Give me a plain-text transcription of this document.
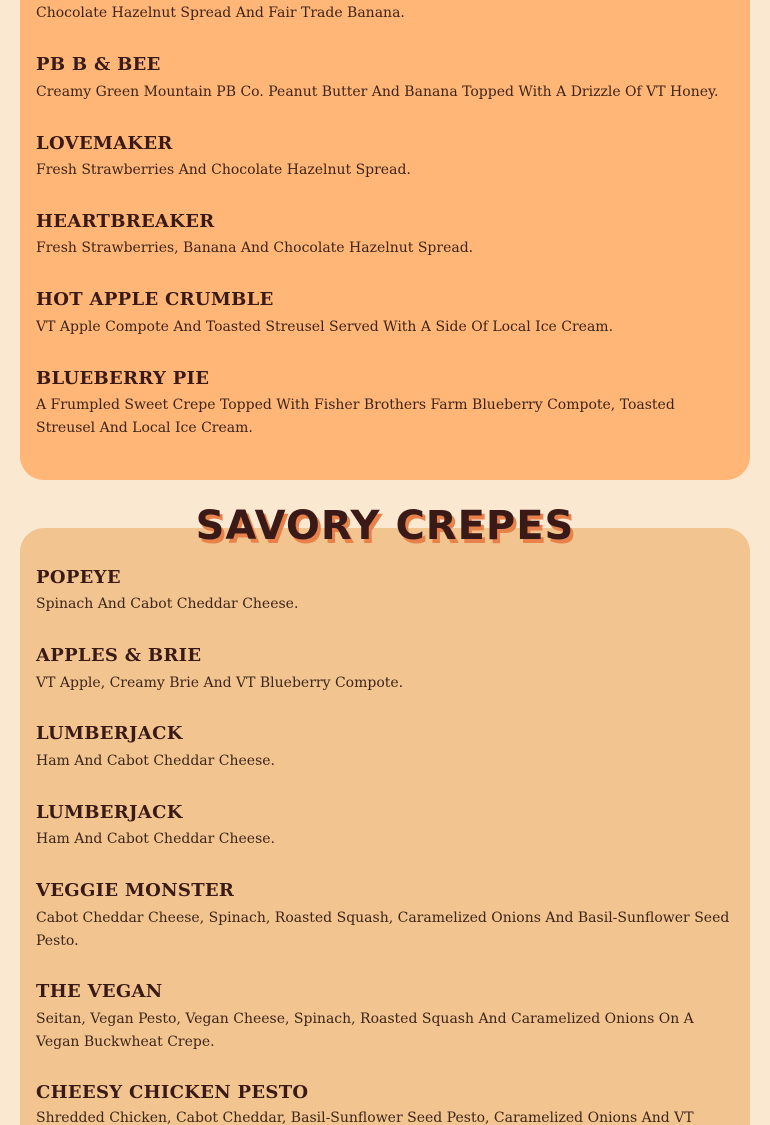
Chocolate Hazelnut Spread And Fair Trade Banana.

PB B & BEE

Creamy Green Mountain PB Co. Peanut Butter And Banana Topped With A Drizzle Of VT Honey.

LOVEMAKER

Fresh Strawberries And Chocolate Hazelnut Spread.

HEARTBREAKER

Fresh Strawberries, Banana And Chocolate Hazelnut Spread.

HOT APPLE CRUMBLE

VT Apple Compote And Toasted Streusel Served With A Side Of Local Ice Cream.

BLUEBERRY PIE

A Frumpled Sweet Crepe Topped With Fisher Brothers Farm Blueberry Compote, Toasted Streusel And Local Ice Cream.

SAVORY CREPES
POPEYE

Spinach And Cabot Cheddar Cheese.

APPLES & BRIE

VT Apple, Creamy Brie And VT Blueberry Compote.

LUMBERJACK

Ham And Cabot Cheddar Cheese.

LUMBERJACK

Ham And Cabot Cheddar Cheese.

VEGGIE MONSTER

Cabot Cheddar Cheese, Spinach, Roasted Squash, Caramelized Onions And Basil-Sunflower Seed Pesto.

THE VEGAN

Seitan, Vegan Pesto, Vegan Cheese, Spinach, Roasted Squash And Caramelized Onions On A Vegan Buckwheat Crepe.

CHEESY CHICKEN PESTO

Shredded Chicken, Cabot Cheddar, Basil-Sunflower Seed Pesto, Caramelized Onions And VT
